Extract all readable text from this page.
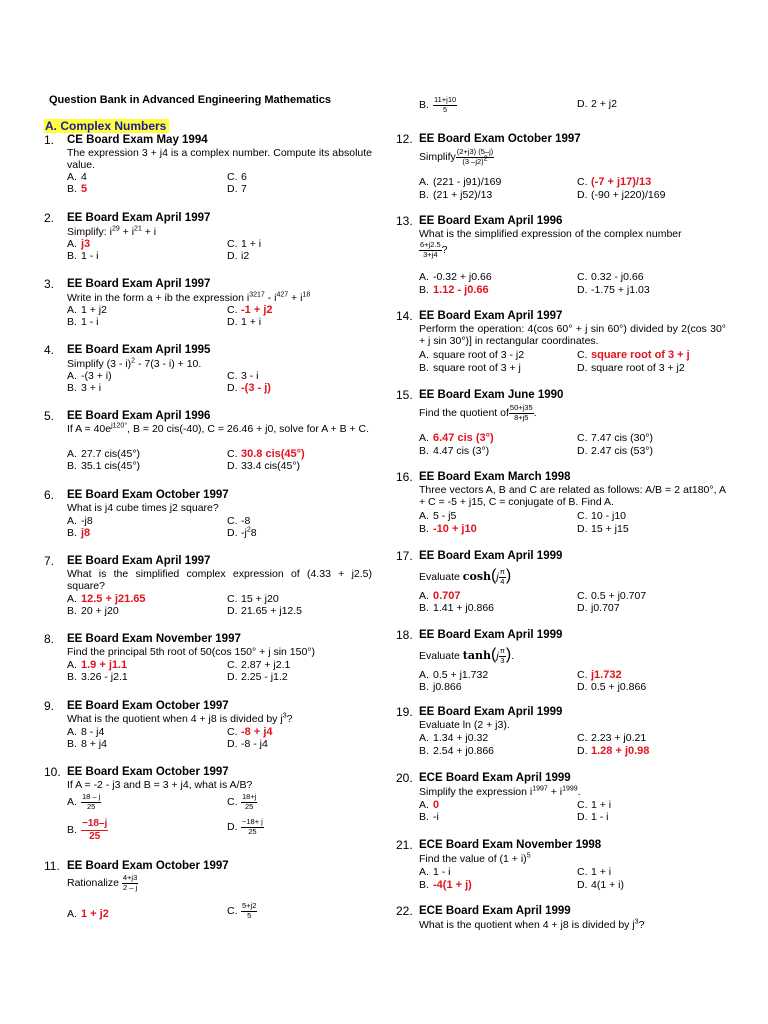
Question Bank in Advanced Engineering Mathematics
A. Complex Numbers
1. CE Board Exam May 1994
The expression 3 + j4 is a complex number. Compute its absolute value.
A. 4	C. 6
B. 5	D. 7
2. EE Board Exam April 1997
Simplify: $i^{29} + i^{21} + i$
A. j3	C. 1 + i
B. 1 - i	D. i2
3. EE Board Exam April 1997
Write in the form a + ib the expression $i^{3217} - i^{427} + i^{18}$
A. 1 + j2	C. -1 + j2
B. 1 - i	D. 1 + i
4. EE Board Exam April 1995
Simplify (3 - i)$^2$ - 7(3 - i) + 10.
A. -(3 + i)	C. 3 - i
B. 3 + i	D. -(3 - j)
5. EE Board Exam April 1996
If $A = 40e^{j120^\circ}$, B = 20 cis(-40), C = 26.46 + j0, solve for A + B + C.
A. 27.7 cis(45°)	C. 30.8 cis(45°)
B. 35.1 cis(45°)	D. 33.4 cis(45°)
6. EE Board Exam October 1997
What is j4 cube times j2 square?
A. -j8	C. -8
B. j8	D. $-j^28$
7. EE Board Exam April 1997
What is the simplified complex expression of (4.33 + j2.5) square?
A. 12.5 + j21.65	C. 15 + j20
B. 20 + j20	D. 21.65 + j12.5
8. EE Board Exam November 1997
Find the principal 5th root of 50(cos 150° + j sin 150°)
A. 1.9 + j1.1	C. 2.87 + j2.1
B. 3.26 - j2.1	D. 2.25 - j1.2
9. EE Board Exam October 1997
What is the quotient when 4 + j8 is divided by $j^3$?
A. 8 - j4	C. -8 + j4
B. 8 + j4	D. -8 - j4
10. EE Board Exam October 1997
If A = -2 - j3 and B = 3 + j4, what is A/B?
A. $\frac{18 - j}{25}$	C. $\frac{18+j}{25}$
B. $\frac{-18-j}{25}$	D. $\frac{-18+ j}{25}$
11. EE Board Exam October 1997
Rationalize $\frac{4+j3}{2 - j}$
A. 1 + j2	C. $\frac{5+j2}{5}$
B. $\frac{11+j10}{5}$	D. 2 + j2
12. EE Board Exam October 1997
Simplify $\frac{(2+j3) (5-j)}{(3 -j2)^2}$
A. (221 - j91)/169	C. (-7 + j17)/13
B. (21 + j52)/13	D. (-90 + j220)/169
13. EE Board Exam April 1996
What is the simplified expression of the complex number
$\frac{6+j2.5}{3+j4}$ ?
A. -0.32 + j0.66	C. 0.32 - j0.66
B. 1.12 - j0.66	D. -1.75 + j1.03
14. EE Board Exam April 1997
Perform the operation: 4(cos 60° + j sin 60°) divided by 2(cos 30° + j sin 30°)] in rectangular coordinates.
A. square root of 3 - j2	C. square root of 3 + j
B. square root of 3 + j	D. square root of 3 + j2
15. EE Board Exam June 1990
Find the quotient of $\frac{50+j35}{8+j5}$ .
A. 6.47 cis (3°)	C. 7.47 cis (30°)
B. 4.47 cis (3°)	D. 2.47 cis (53°)
16. EE Board Exam March 1998
Three vectors A, B and C are related as follows: A/B = 2 at180°, A + C = -5 + j15, C = conjugate of B. Find A.
A. 5 - j5	C. 10 - j10
B. -10 + j10	D. 15 + j15
17. EE Board Exam April 1999
Evaluate $\cosh(j \frac{\pi}{4}$ )
A. 0.707	C. 0.5 + j0.707
B. 1.41 + j0.866	D. j0.707
18. EE Board Exam April 1999
Evaluate $\tanh(j \frac{\pi}{3}$ ).
A. 0.5 + j1.732	C. j1.732
B. j0.866	D. 0.5 + j0.866
19. EE Board Exam April 1999
Evaluate ln (2 + j3).
A. 1.34 + j0.32	C. 2.23 + j0.21
B. 2.54 + j0.866	D. 1.28 + j0.98
20. ECE Board Exam April 1999
Simplify the expression $i^{1997} + i^{1999}$.
A. 0	C. 1 + i
B. -i	D. 1 - i
21. ECE Board Exam November 1998
Find the value of $(1 + i)^5$
A. 1 - i	C. 1 + i
B. -4(1 + j)	D. 4(1 + i)
22. ECE Board Exam April 1999
What is the quotient when 4 + j8 is divided by $j^3$?
